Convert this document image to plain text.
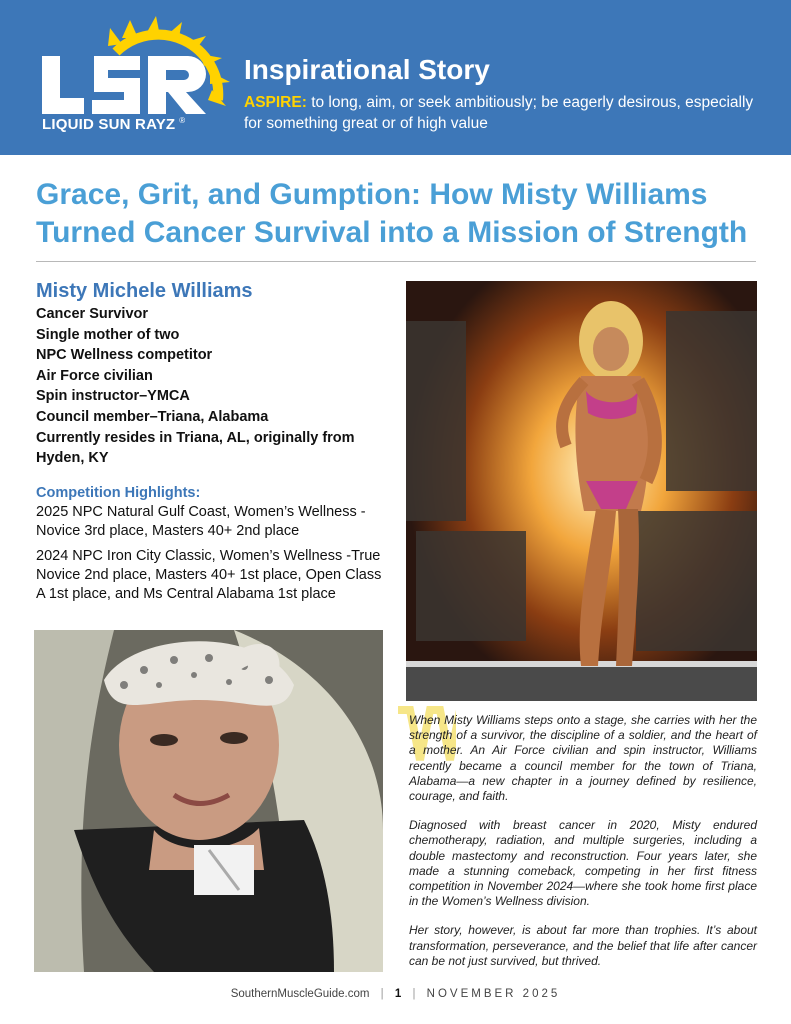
LIQUID SUN RAYZ ®
Inspirational Story
ASPIRE: to long, aim, or seek ambitiously; be eagerly desirous, especially for something great or of high value
Grace, Grit, and Gumption: How Misty Williams Turned Cancer Survival into a Mission of Strength
Misty Michele Williams
Cancer Survivor
Single mother of two
NPC Wellness competitor
Air Force civilian
Spin instructor–YMCA
Council member–Triana, Alabama
Currently resides in Triana, AL, originally from Hyden, KY
Competition Highlights:
2025 NPC Natural Gulf Coast, Women’s Wellness - Novice 3rd place, Masters 40+ 2nd place
2024 NPC Iron City Classic, Women’s Wellness -True Novice 2nd place, Masters 40+ 1st place, Open Class A 1st place, and Ms Central Alabama 1st place

When Misty Williams steps onto a stage, she carries with her the strength of a survivor, the discipline of a soldier, and the heart of a mother. An Air Force civilian and spin instructor, Williams recently became a council member for the town of Triana, Alabama—a new chapter in a journey defined by resilience, courage, and faith.

Diagnosed with breast cancer in 2020, Misty endured chemotherapy, radiation, and multiple surgeries, including a double mastectomy and reconstruction. Four years later, she made a stunning comeback, competing in her first fitness competition in November 2024—where she took home first place in the Women’s Wellness division.

Her story, however, is about far more than trophies. It’s about transformation, perseverance, and the belief that life after cancer can be not just survived, but thrived.

SouthernMuscleGuide.com | 1 | NOVEMBER 2025
